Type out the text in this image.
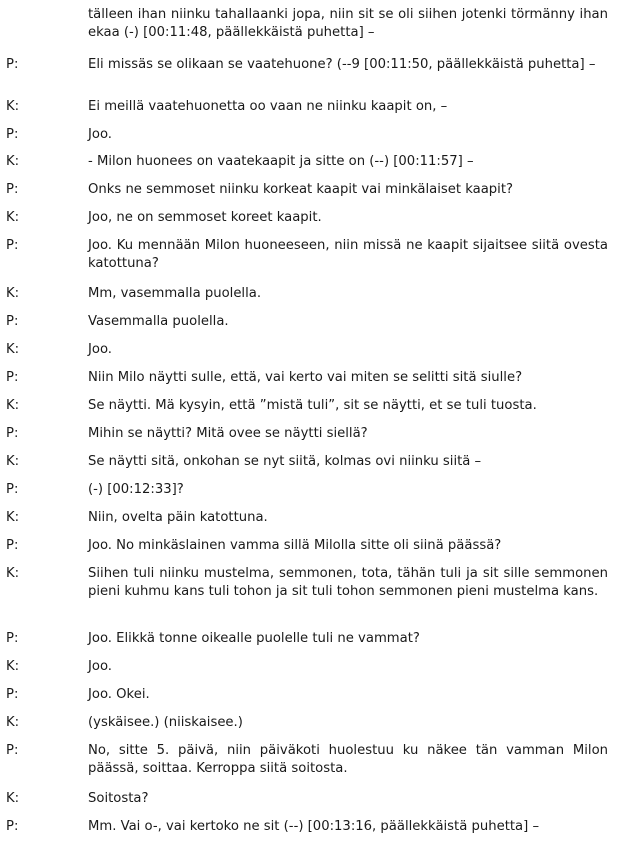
tälleen ihan niinku tahallaanki jopa, niin sit se oli siihen jotenki törmänny ihan ekaa (-) [00:11:48, päällekkäistä puhetta] –
P:	Eli missäs se olikaan se vaatehuone? (--9 [00:11:50, päällekkäistä puhetta] –
K:	Ei meillä vaatehuonetta oo vaan ne niinku kaapit on, –
P:	Joo.
K:	- Milon huonees on vaatekaapit ja sitte on (--) [00:11:57] –
P:	Onks ne semmoset niinku korkeat kaapit vai minkälaiset kaapit?
K:	Joo, ne on semmoset koreet kaapit.
P:	Joo. Ku mennään Milon huoneeseen, niin missä ne kaapit sijaitsee siitä ovesta katottuna?
K:	Mm, vasemmalla puolella.
P:	Vasemmalla puolella.
K:	Joo.
P:	Niin Milo näytti sulle, että, vai kerto vai miten se selitti sitä siulle?
K:	Se näytti. Mä kysyin, että ”mistä tuli”, sit se näytti, et se tuli tuosta.
P:	Mihin se näytti? Mitä ovee se näytti siellä?
K:	Se näytti sitä, onkohan se nyt siitä, kolmas ovi niinku siitä –
P:	(-) [00:12:33]?
K:	Niin, ovelta päin katottuna.
P:	Joo. No minkäslainen vamma sillä Milolla sitte oli siinä päässä?
K:	Siihen tuli niinku mustelma, semmonen, tota, tähän tuli ja sit sille semmonen pieni kuhmu kans tuli tohon ja sit tuli tohon semmonen pieni mustelma kans.
P:	Joo. Elikkä tonne oikealle puolelle tuli ne vammat?
K:	Joo.
P:	Joo. Okei.
K:	(yskäisee.) (niiskaisee.)
P:	No, sitte 5. päivä, niin päiväkoti huolestuu ku näkee tän vamman Milon päässä, soittaa. Kerroppa siitä soitosta.
K:	Soitosta?
P:	Mm. Vai o-, vai kertoko ne sit (--) [00:13:16, päällekkäistä puhetta] –
